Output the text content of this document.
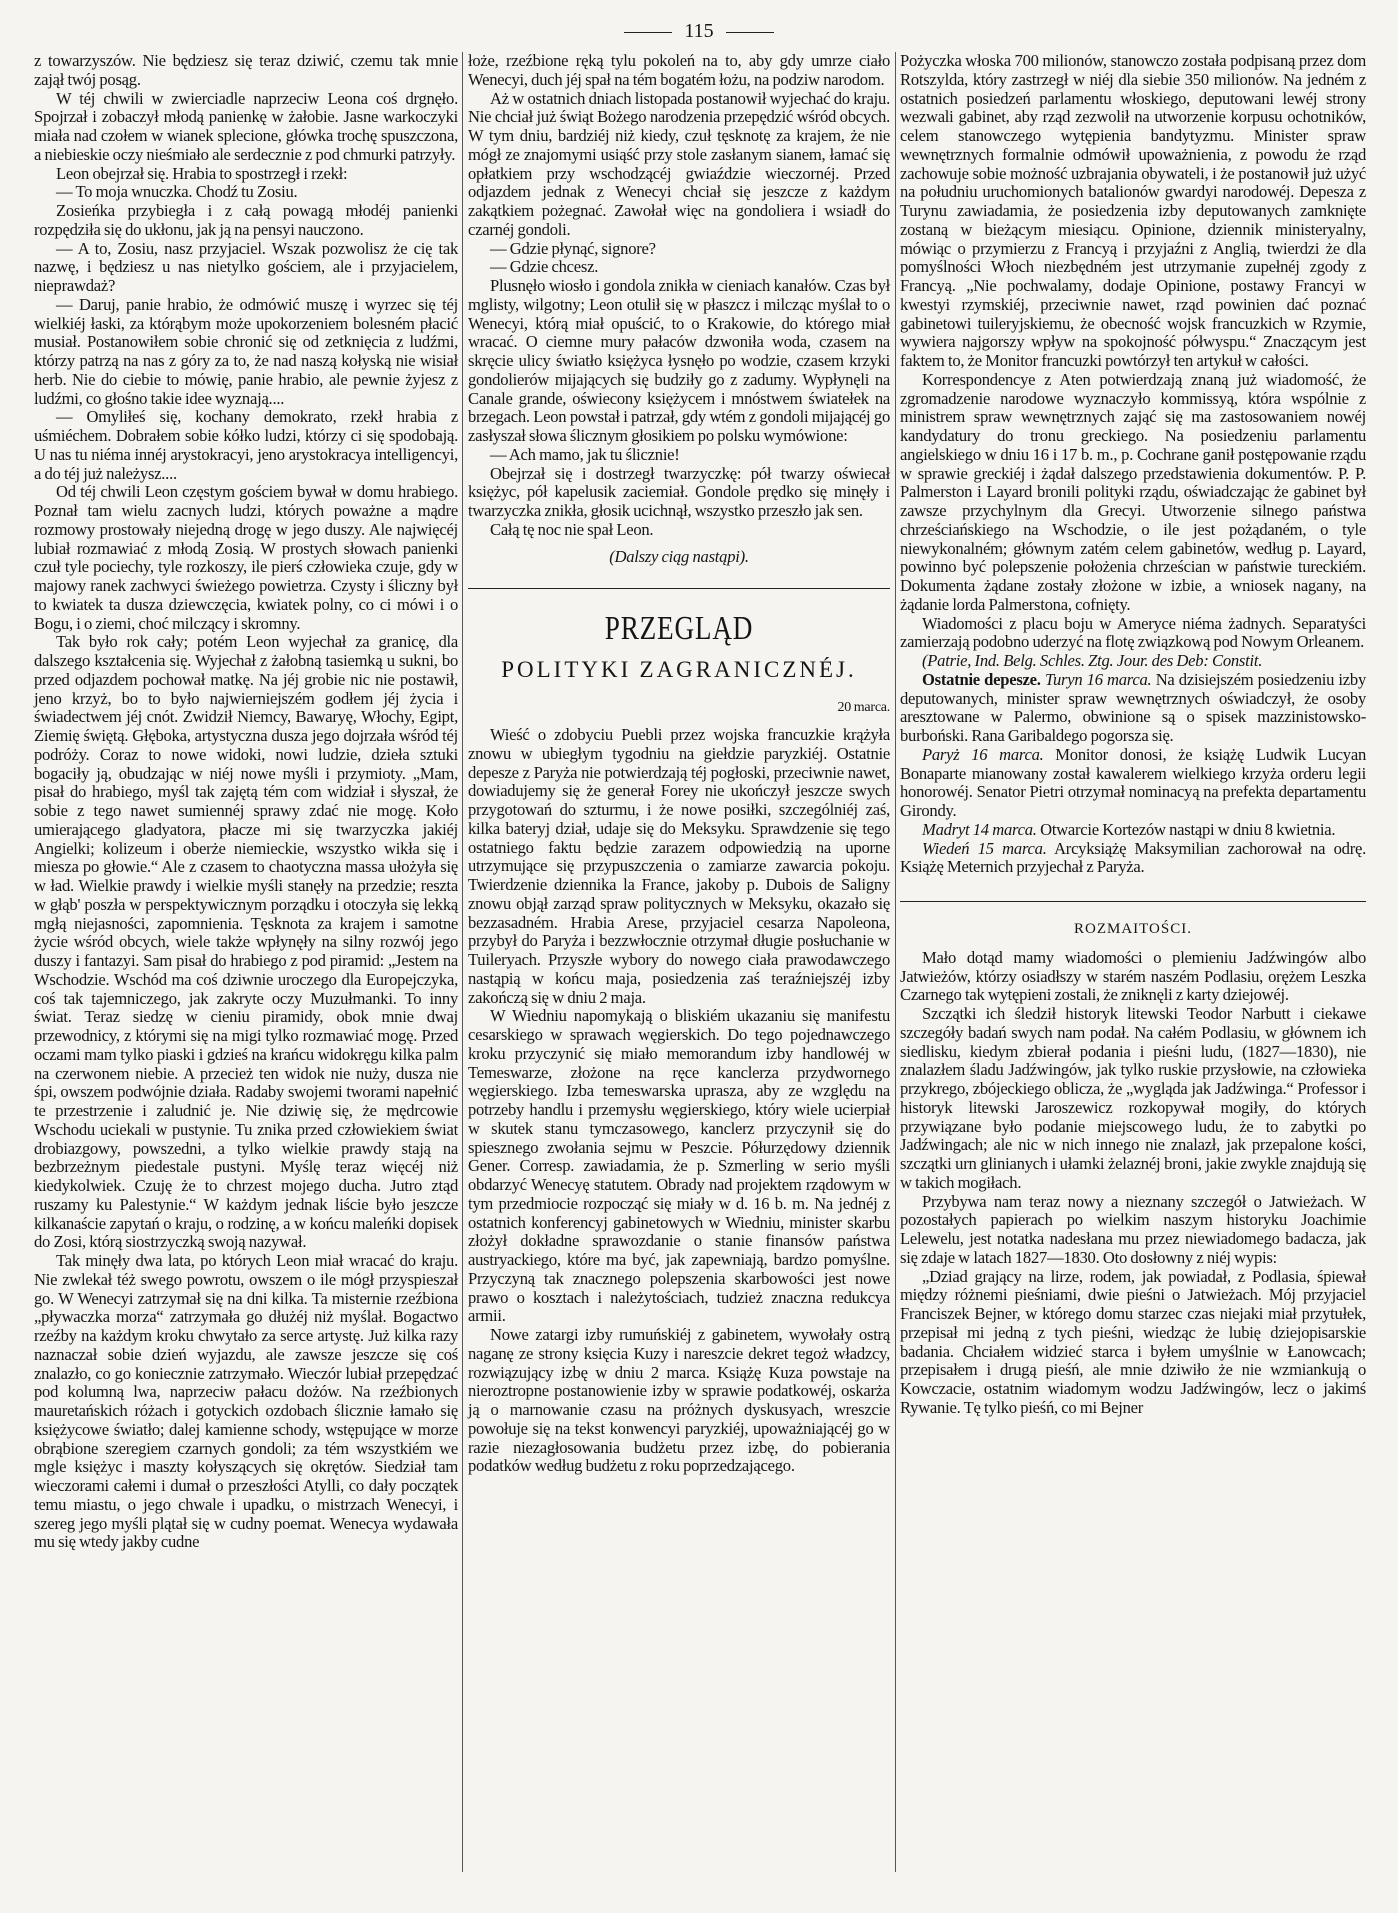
115

z towarzyszów. Nie będziesz się teraz dziwić, czemu tak mnie zajął twój posąg.

W téj chwili w zwierciadle naprzeciw Leona coś drgnęło. Spojrzał i zobaczył młodą panienkę w żałobie. Jasne warkoczyki miała nad czołem w wianek splecione, główka trochę spuszczona, a niebieskie oczy nieśmiało ale serdecznie z pod chmurki patrzyły.

Leon obejrzał się. Hrabia to spostrzegł i rzekł:

— To moja wnuczka. Chodź tu Zosiu.

Zosieńka przybiegła i z całą powagą młodéj panienki rozpędziła się do ukłonu, jak ją na pensyi nauczono.

— A to, Zosiu, nasz przyjaciel. Wszak pozwolisz że cię tak nazwę, i będziesz u nas nietylko gościem, ale i przyjacielem, nieprawdaż?

— Daruj, panie hrabio, że odmówić muszę i wyrzec się téj wielkiéj łaski, za którąbym może upokorzeniem bolesném płacić musiał. Postanowiłem sobie chronić się od zetknięcia z ludźmi, którzy patrzą na nas z góry za to, że nad naszą kołyską nie wisiał herb. Nie do ciebie to mówię, panie hrabio, ale pewnie żyjesz z ludźmi, co głośno takie idee wyznają....

— Omyliłeś się, kochany demokrato, rzekł hrabia z uśmiéchem. Dobrałem sobie kółko ludzi, którzy ci się spodobają. U nas tu niéma innéj arystokracyi, jeno arystokracya intelligencyi, a do téj już należysz....

Od téj chwili Leon częstym gościem bywał w domu hrabiego. Poznał tam wielu zacnych ludzi, których poważne a mądre rozmowy prostowały niejedną drogę w jego duszy. Ale najwięcéj lubiał rozmawiać z młodą Zosią. W prostych słowach panienki czuł tyle pociechy, tyle rozkoszy, ile pierś człowieka czuje, gdy w majowy ranek zachwyci świeżego powietrza. Czysty i śliczny był to kwiatek ta dusza dziewczęcia, kwiatek polny, co ci mówi i o Bogu, i o ziemi, choć milczący i skromny.

Tak było rok cały; potém Leon wyjechał za granicę, dla dalszego kształcenia się. Wyjechał z żałobną tasiemką u sukni, bo przed odjazdem pochował matkę. Na jéj grobie nic nie postawił, jeno krzyż, bo to było najwierniejszém godłem jéj życia i świadectwem jéj cnót. Zwidził Niemcy, Bawaryę, Włochy, Egipt, Ziemię świętą. Głęboka, artystyczna dusza jego dojrzała wśród téj podróży. Coraz to nowe widoki, nowi ludzie, dzieła sztuki bogaciły ją, obudzając w niéj nowe myśli i przymioty. „Mam, pisał do hrabiego, myśl tak zajętą tém com widział i słyszał, że sobie z tego nawet sumiennéj sprawy zdać nie mogę. Koło umierającego gladyatora, płacze mi się twarzyczka jakiéj Angielki; kolizeum i oberże niemieckie, wszystko wikła się i miesza po głowie.“ Ale z czasem to chaotyczna massa ułożyła się w ład. Wielkie prawdy i wielkie myśli stanęły na przedzie; reszta w głąb' poszła w perspektywicznym porządku i otoczyła się lekką mgłą niejasności, zapomnienia. Tęsknota za krajem i samotne życie wśród obcych, wiele także wpłynęły na silny rozwój jego duszy i fantazyi. Sam pisał do hrabiego z pod piramid: „Jestem na Wschodzie. Wschód ma coś dziwnie uroczego dla Europejczyka, coś tak tajemniczego, jak zakryte oczy Muzułmanki. To inny świat. Teraz siedzę w cieniu piramidy, obok mnie dwaj przewodnicy, z którymi się na migi tylko rozmawiać mogę. Przed oczami mam tylko piaski i gdzieś na krańcu widokręgu kilka palm na czerwonem niebie. A przecież ten widok nie nuży, dusza nie śpi, owszem podwójnie działa. Radaby swojemi tworami napełnić te przestrzenie i zaludnić je. Nie dziwię się, że mędrcowie Wschodu uciekali w pustynie. Tu znika przed człowiekiem świat drobiazgowy, powszedni, a tylko wielkie prawdy stają na bezbrzeżnym piedestale pustyni. Myślę teraz więcéj niż kiedykolwiek. Czuję że to chrzest mojego ducha. Jutro ztąd ruszamy ku Palestynie.“ W każdym jednak liście było jeszcze kilkanaście zapytań o kraju, o rodzinę, a w końcu maleńki dopisek do Zosi, którą siostrzyczką swoją nazywał.

Tak minęły dwa lata, po których Leon miał wracać do kraju. Nie zwlekał téż swego powrotu, owszem o ile mógł przyspieszał go. W Wenecyi zatrzymał się na dni kilka. Ta misternie rzeźbiona „pływaczka morza“ zatrzymała go dłużéj niż myślał. Bogactwo rzeźby na każdym kroku chwytało za serce artystę. Już kilka razy naznaczał sobie dzień wyjazdu, ale zawsze jeszcze się coś znalazło, co go koniecznie zatrzymało. Wieczór lubiał przepędzać pod kolumną lwa, naprzeciw pałacu dożów. Na rzeźbionych mauretańskich różach i gotyckich ozdobach ślicznie łamało się księżycowe światło; dalej kamienne schody, wstępujące w morze obrąbione szeregiem czarnych gondoli; za tém wszystkiém we mgle księżyc i maszty kołyszących się okrętów. Siedział tam wieczorami całemi i dumał o przeszłości Atylli, co dały początek temu miastu, o jego chwale i upadku, o mistrzach Wenecyi, i szereg jego myśli plątał się w cudny poemat. Wenecya wydawała mu się wtedy jakby cudne

łoże, rzeźbione ręką tylu pokoleń na to, aby gdy umrze ciało Wenecyi, duch jéj spał na tém bogatém łożu, na podziw narodom.

Aż w ostatnich dniach listopada postanowił wyjechać do kraju. Nie chciał już świąt Bożego narodzenia przepędzić wśród obcych. W tym dniu, bardziéj niż kiedy, czuł tęsknotę za krajem, że nie mógł ze znajomymi usiąść przy stole zasłanym sianem, łamać się opłatkiem przy wschodzącéj gwiaździe wieczornéj. Przed odjazdem jednak z Wenecyi chciał się jeszcze z każdym zakątkiem pożegnać. Zawołał więc na gondoliera i wsiadł do czarnéj gondoli.

— Gdzie płynąć, signore?

— Gdzie chcesz.

Plusnęło wiosło i gondola znikła w cieniach kanałów. Czas był mglisty, wilgotny; Leon otulił się w płaszcz i milcząc myślał to o Wenecyi, którą miał opuścić, to o Krakowie, do którego miał wracać. O ciemne mury pałaców dzwoniła woda, czasem na skręcie ulicy światło księżyca łysnęło po wodzie, czasem krzyki gondolierów mijających się budziły go z zadumy. Wypłynęli na Canale grande, oświecony księżycem i mnóstwem światełek na brzegach. Leon powstał i patrzał, gdy wtém z gondoli mijającéj go zasłyszał słowa ślicznym głosikiem po polsku wymówione:

— Ach mamo, jak tu ślicznie!

Obejrzał się i dostrzegł twarzyczkę: pół twarzy oświecał księżyc, pół kapelusik zaciemiał. Gondole prędko się minęły i twarzyczka znikła, głosik ucichnął, wszystko przeszło jak sen.

Całą tę noc nie spał Leon.

(Dalszy ciąg nastąpi).

PRZEGLĄD
POLITYKI ZAGRANICZNÉJ.

20 marca.

Wieść o zdobyciu Puebli przez wojska francuzkie krążyła znowu w ubiegłym tygodniu na giełdzie paryzkiéj. Ostatnie depesze z Paryża nie potwierdzają téj pogłoski, przeciwnie nawet, dowiadujemy się że generał Forey nie ukończył jeszcze swych przygotowań do szturmu, i że nowe posiłki, szczególniéj zaś, kilka bateryj dział, udaje się do Meksyku. Sprawdzenie się tego ostatniego faktu będzie zarazem odpowiedzią na uporne utrzymujące się przypuszczenia o zamiarze zawarcia pokoju. Twierdzenie dziennika la France, jakoby p. Dubois de Saligny znowu objął zarząd spraw politycznych w Meksyku, okazało się bezzasadném. Hrabia Arese, przyjaciel cesarza Napoleona, przybył do Paryża i bezzwłocznie otrzymał długie posłuchanie w Tuileryach. Przyszłe wybory do nowego ciała prawodawczego nastąpią w końcu maja, posiedzenia zaś teraźniejszéj izby zakończą się w dniu 2 maja.

W Wiedniu napomykają o bliskiém ukazaniu się manifestu cesarskiego w sprawach węgierskich. Do tego pojednawczego kroku przyczynić się miało memorandum izby handlowéj w Temeswarze, złożone na ręce kanclerza przydwornego węgierskiego. Izba temeswarska uprasza, aby ze względu na potrzeby handlu i przemysłu węgierskiego, który wiele ucierpiał w skutek stanu tymczasowego, kanclerz przyczynił się do spiesznego zwołania sejmu w Peszcie. Półurzędowy dziennik Gener. Corresp. zawiadamia, że p. Szmerling w serio myśli obdarzyć Wenecyę statutem. Obrady nad projektem rządowym w tym przedmiocie rozpocząć się miały w d. 16 b. m. Na jednéj z ostatnich konferencyj gabinetowych w Wiedniu, minister skarbu złożył dokładne sprawozdanie o stanie finansów państwa austryackiego, które ma być, jak zapewniają, bardzo pomyślne. Przyczyną tak znacznego polepszenia skarbowości jest nowe prawo o kosztach i należytościach, tudzież znaczna redukcya armii.

Nowe zatargi izby rumuńskiéj z gabinetem, wywołały ostrą naganę ze strony księcia Kuzy i nareszcie dekret tegoż władzcy, rozwiązujący izbę w dniu 2 marca. Książę Kuza powstaje na nieroztropne postanowienie izby w sprawie podatkowéj, oskarża ją o marnowanie czasu na próżnych dyskusyach, wreszcie powołuje się na tekst konwencyi paryzkiéj, upoważniającéj go w razie niezagłosowania budżetu przez izbę, do pobierania podatków według budżetu z roku poprzedzającego.

Pożyczka włoska 700 milionów, stanowczo została podpisaną przez dom Rotszylda, który zastrzegł w niéj dla siebie 350 milionów. Na jedném z ostatnich posiedzeń parlamentu włoskiego, deputowani lewéj strony wezwali gabinet, aby rząd zezwolił na utworzenie korpusu ochotników, celem stanowczego wytępienia bandytyzmu. Minister spraw wewnętrznych formalnie odmówił upoważnienia, z powodu że rząd zachowuje sobie możność uzbrajania obywateli, i że postanowił już użyć na południu uruchomionych batalionów gwardyi narodowéj. Depesza z Turynu zawiadamia, że posiedzenia izby deputowanych zamknięte zostaną w bieżącym miesiącu. Opinione, dziennik ministeryalny, mówiąc o przymierzu z Francyą i przyjaźni z Anglią, twierdzi że dla pomyślności Włoch niezbędném jest utrzymanie zupełnéj zgody z Francyą. „Nie pochwalamy, dodaje Opinione, postawy Francyi w kwestyi rzymskiéj, przeciwnie nawet, rząd powinien dać poznać gabinetowi tuileryjskiemu, że obecność wojsk francuzkich w Rzymie, wywiera najgorszy wpływ na spokojność półwyspu.“ Znaczącym jest faktem to, że Monitor francuzki powtórzył ten artykuł w całości.

Korrespondencye z Aten potwierdzają znaną już wiadomość, że zgromadzenie narodowe wyznaczyło kommissyą, która wspólnie z ministrem spraw wewnętrznych zająć się ma zastosowaniem nowéj kandydatury do tronu greckiego. Na posiedzeniu parlamentu angielskiego w dniu 16 i 17 b. m., p. Cochrane ganił postępowanie rządu w sprawie greckiéj i żądał dalszego przedstawienia dokumentów. P. P. Palmerston i Layard bronili polityki rządu, oświadczając że gabinet był zawsze przychylnym dla Grecyi. Utworzenie silnego państwa chrześciańskiego na Wschodzie, o ile jest pożądaném, o tyle niewykonalném; głównym zatém celem gabinetów, według p. Layard, powinno być polepszenie położenia chrześcian w państwie tureckiém. Dokumenta żądane zostały złożone w izbie, a wniosek nagany, na żądanie lorda Palmerstona, cofnięty.

Wiadomości z placu boju w Ameryce niéma żadnych. Separatyści zamierzają podobno uderzyć na flotę związkową pod Nowym Orleanem.

(Patrie, Ind. Belg. Schles. Ztg. Jour. des Deb: Constit.

Ostatnie depesze. Turyn 16 marca. Na dzisiejszém posiedzeniu izby deputowanych, minister spraw wewnętrznych oświadczył, że osoby aresztowane w Palermo, obwinione są o spisek mazzinistowsko-burboński. Rana Garibaldego pogorsza się.

Paryż 16 marca. Monitor donosi, że książę Ludwik Lucyan Bonaparte mianowany został kawalerem wielkiego krzyża orderu legii honorowéj. Senator Pietri otrzymał nominacyą na prefekta departamentu Girondy.

Madryt 14 marca. Otwarcie Kortezów nastąpi w dniu 8 kwietnia.

Wiedeń 15 marca. Arcyksiążę Maksymilian zachorował na odrę. Książę Meternich przyjechał z Paryża.

ROZMAITOŚCI.

Mało dotąd mamy wiadomości o plemieniu Jadźwingów albo Jatwieżów, którzy osiadłszy w starém naszém Podlasiu, orężem Leszka Czarnego tak wytępieni zostali, że zniknęli z karty dziejowéj.

Szczątki ich śledził historyk litewski Teodor Narbutt i ciekawe szczegóły badań swych nam podał. Na całém Podlasiu, w głównem ich siedlisku, kiedym zbierał podania i pieśni ludu, (1827—1830), nie znalazłem śladu Jadźwingów, jak tylko ruskie przysłowie, na człowieka przykrego, zbójeckiego oblicza, że „wygląda jak Jadźwinga.“ Professor i historyk litewski Jaroszewicz rozkopywał mogiły, do których przywiązane było podanie miejscowego ludu, że to zabytki po Jadźwingach; ale nic w nich innego nie znalazł, jak przepalone kości, szczątki urn glinianych i ułamki żelaznéj broni, jakie zwykle znajdują się w takich mogiłach.

Przybywa nam teraz nowy a nieznany szczegół o Jatwieżach. W pozostałych papierach po wielkim naszym historyku Joachimie Lelewelu, jest notatka nadesłana mu przez niewiadomego badacza, jak się zdaje w latach 1827—1830. Oto dosłowny z niéj wypis:

„Dziad grający na lirze, rodem, jak powiadał, z Podlasia, śpiewał między różnemi pieśniami, dwie pieśni o Jatwieżach. Mój przyjaciel Franciszek Bejner, w którego domu starzec czas niejaki miał przytułek, przepisał mi jedną z tych pieśni, wiedząc że lubię dziejopisarskie badania. Chciałem widzieć starca i byłem umyślnie w Łanowcach; przepisałem i drugą pieśń, ale mnie dziwiło że nie wzmiankują o Kowczacie, ostatnim wiadomym wodzu Jadźwingów, lecz o jakimś Rywanie. Tę tylko pieśń, co mi Bejner
